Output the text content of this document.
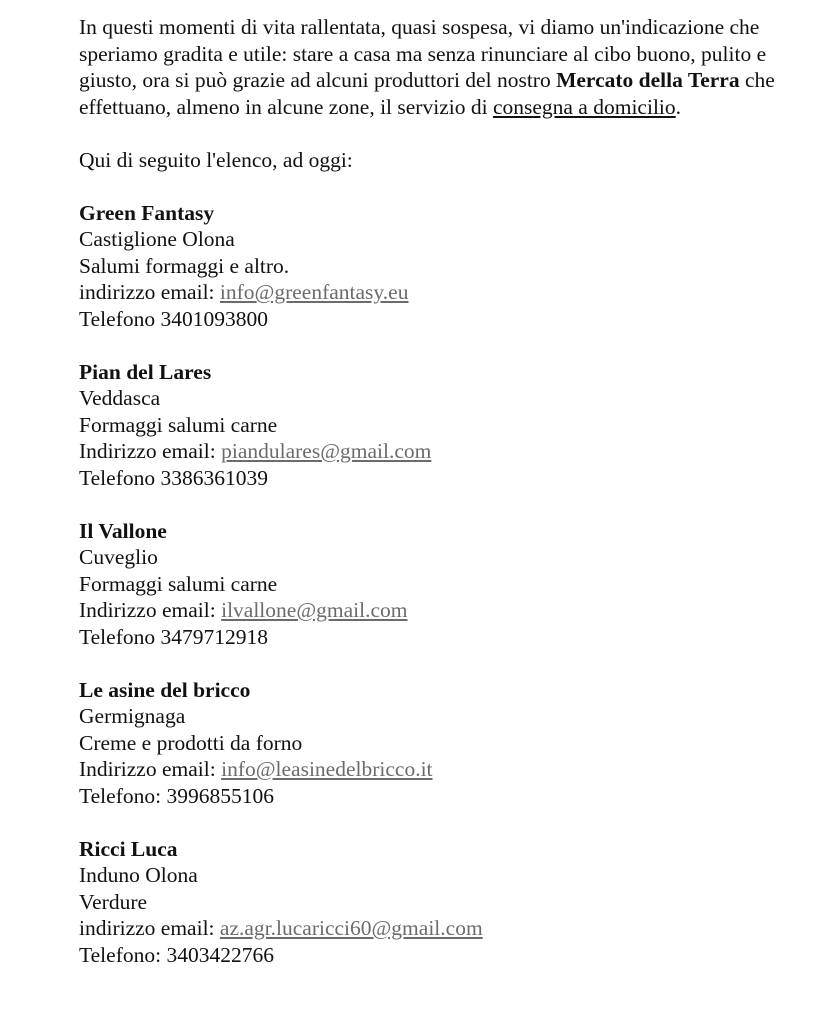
In questi momenti di vita rallentata, quasi sospesa, vi diamo un'indicazione che speriamo gradita e utile: stare a casa ma senza rinunciare al cibo buono, pulito e giusto, ora si può grazie ad alcuni produttori del nostro Mercato della Terra che effettuano, almeno in alcune zone, il servizio di consegna a domicilio.

Qui di seguito l'elenco, ad oggi:

Green Fantasy
Castiglione Olona
Salumi formaggi e altro.
indirizzo email: info@greenfantasy.eu
Telefono 3401093800
Pian del Lares
Veddasca
Formaggi salumi carne
Indirizzo email: piandulares@gmail.com
Telefono 3386361039
Il Vallone
Cuveglio
Formaggi salumi carne
Indirizzo email: ilvallone@gmail.com
Telefono 3479712918
Le asine del bricco
Germignaga
Creme e prodotti da forno
Indirizzo email: info@leasinedelbricco.it
Telefono: 3996855106
Ricci Luca
Induno Olona
Verdure
indirizzo email: az.agr.lucaricci60@gmail.com
Telefono: 3403422766
